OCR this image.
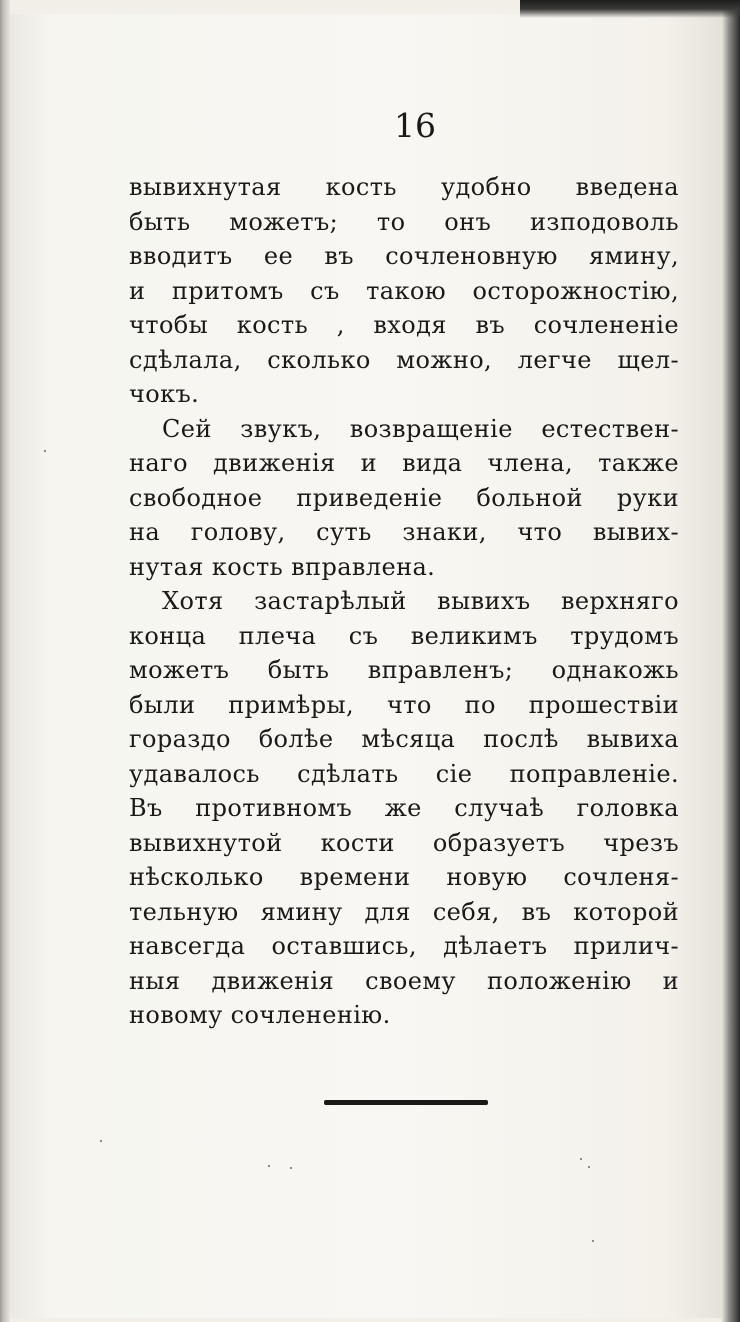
16
вывихнутая кость удобно введена
быть можетъ; то онъ изподоволь
вводитъ ее въ сочленовную ямину,
и притомъ съ такою осторожностію,
чтобы кость , входя въ сочлененіе
сдѣлала, сколько можно, легче щел-
чокъ.
Сей звукъ, возвращеніе естествен-
наго движенія и вида члена, также
свободное приведеніе больной руки
на голову, суть знаки, что вывих-
нутая кость вправлена.
Хотя застарѣлый вывихъ верхняго
конца плеча съ великимъ трудомъ
можетъ быть вправленъ; однакожь
были примѣры, что по прошествіи
гораздо болѣе мѣсяца послѣ вывиха
удавалось сдѣлать сіе поправленіе.
Въ противномъ же случаѣ головка
вывихнутой кости образуетъ чрезъ
нѣсколько времени новую сочленя-
тельную ямину для себя, въ которой
навсегда оставшись, дѣлаетъ прилич-
ныя движенія своему положенію и
новому сочлененію.
